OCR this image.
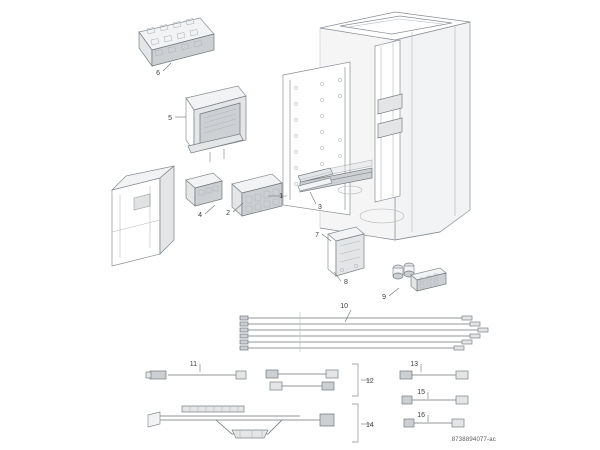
1
2
3
4
5
6
7
8
9
10
11
12
13
14
15
16
8738894077-ac
